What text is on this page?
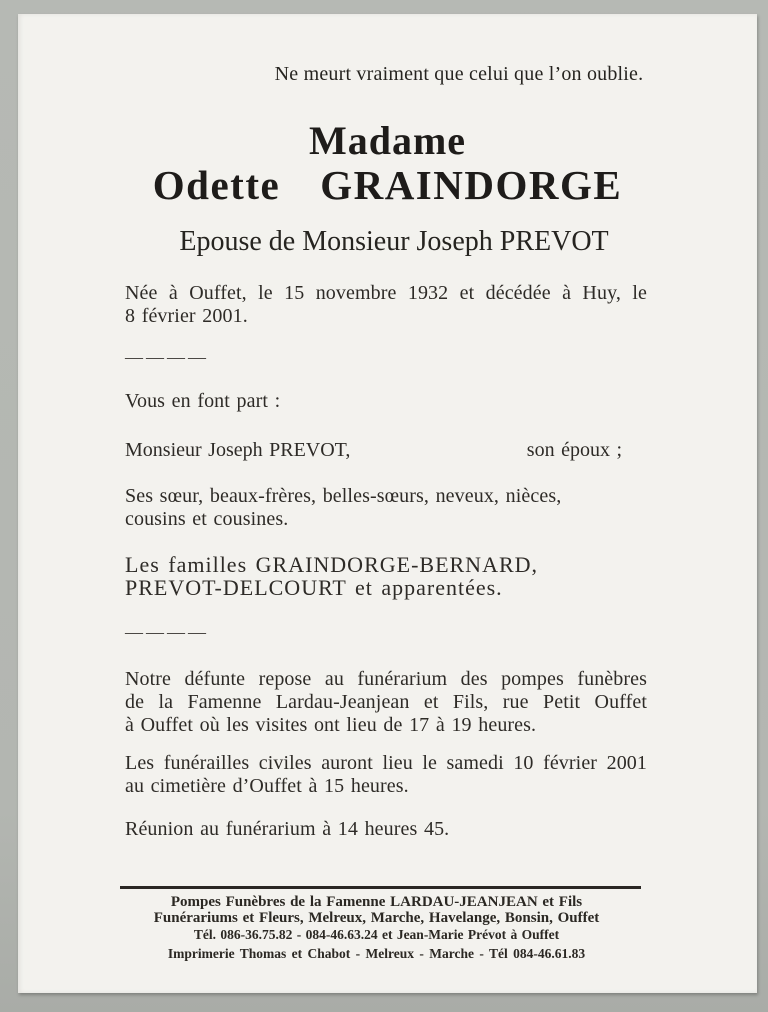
Ne meurt vraiment que celui que l’on oublie.
Madame
Odette GRAINDORGE
Epouse de Monsieur Joseph PREVOT
Née à Ouffet, le 15 novembre 1932 et décédée à Huy, le
8 février 2001.
————
Vous en font part :
Monsieur Joseph PREVOT,	son époux ;
Ses sœur, beaux-frères, belles-sœurs, neveux, nièces,
cousins et cousines.
Les familles GRAINDORGE-BERNARD,
PREVOT-DELCOURT et apparentées.
————
Notre défunte repose au funérarium des pompes funèbres
de la Famenne Lardau-Jeanjean et Fils, rue Petit Ouffet
à Ouffet où les visites ont lieu de 17 à 19 heures.
Les funérailles civiles auront lieu le samedi 10 février 2001
au cimetière d’Ouffet à 15 heures.
Réunion au funérarium à 14 heures 45.
Pompes Funèbres de la Famenne LARDAU-JEANJEAN et Fils
Funérariums et Fleurs, Melreux, Marche, Havelange, Bonsin, Ouffet
Tél. 086-36.75.82 - 084-46.63.24 et Jean-Marie Prévot à Ouffet
Imprimerie Thomas et Chabot - Melreux - Marche - Tél 084-46.61.83
